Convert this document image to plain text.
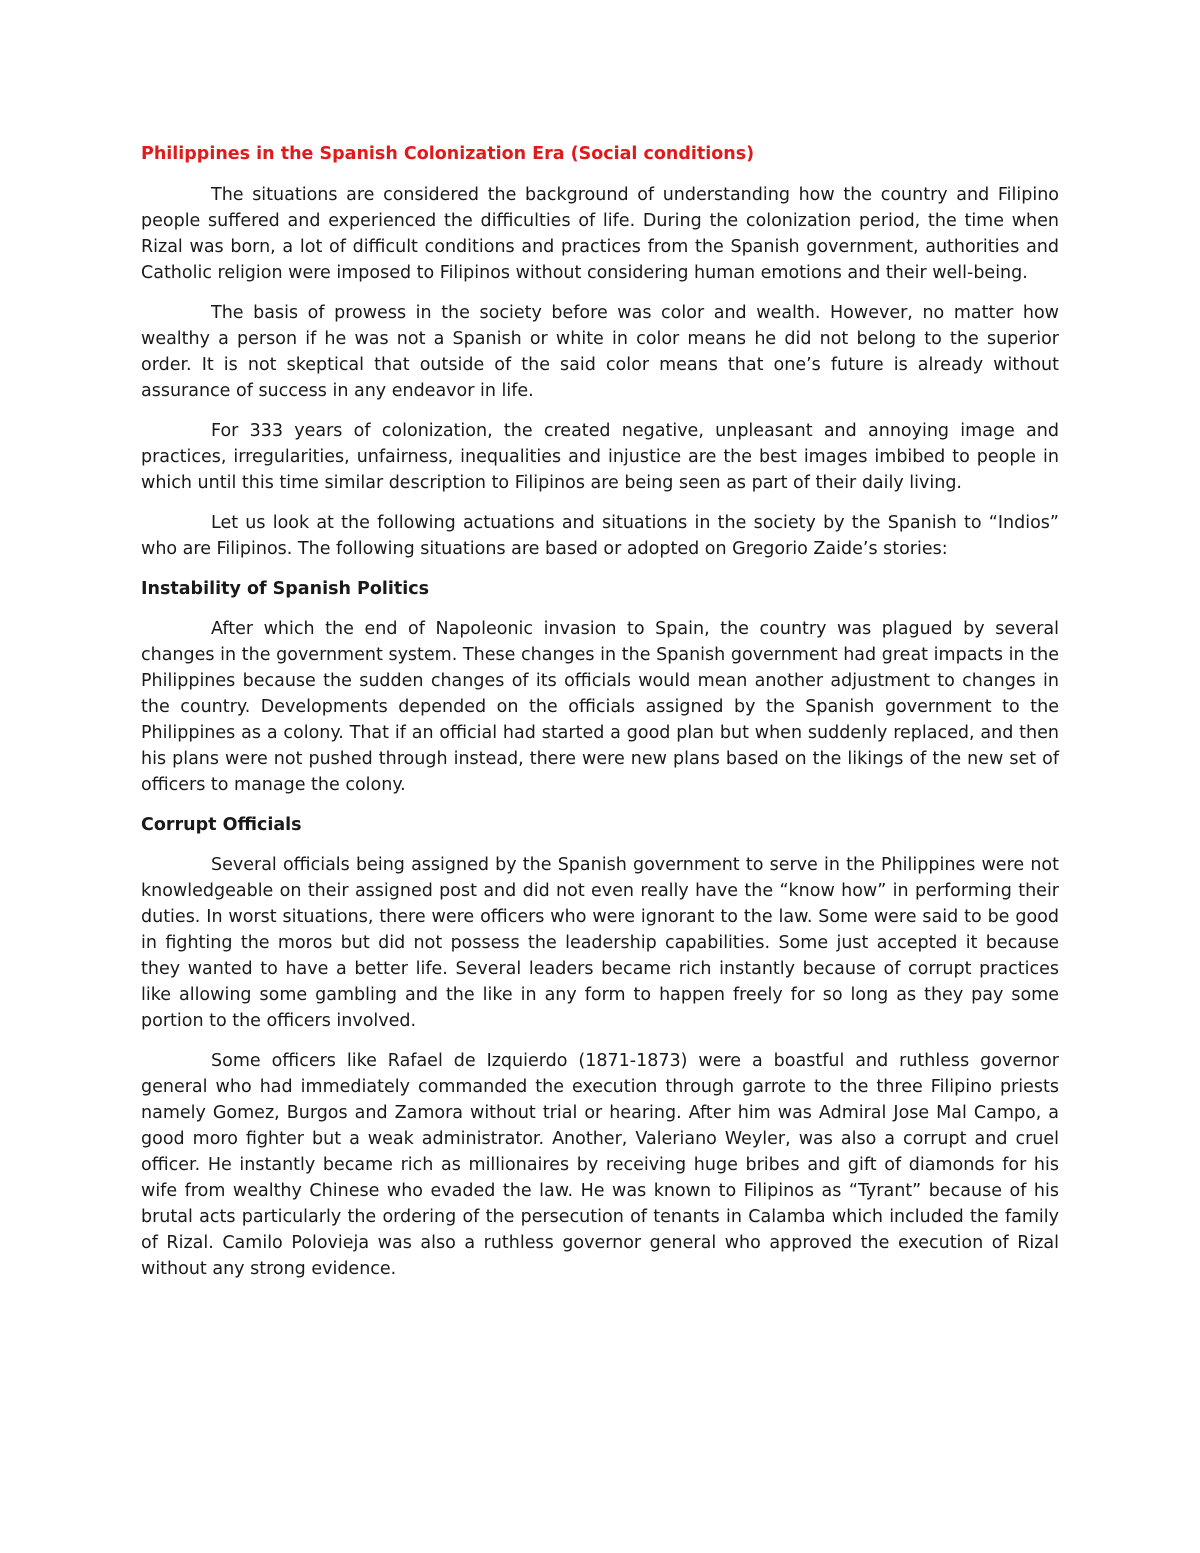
Philippines in the Spanish Colonization Era (Social conditions)

The situations are considered the background of understanding how the country and Filipino people suffered and experienced the difficulties of life. During the colonization period, the time when Rizal was born, a lot of difficult conditions and practices from the Spanish government, authorities and Catholic religion were imposed to Filipinos without considering human emotions and their well-being.

The basis of prowess in the society before was color and wealth. However, no matter how wealthy a person if he was not a Spanish or white in color means he did not belong to the superior order. It is not skeptical that outside of the said color means that one’s future is already without assurance of success in any endeavor in life.

For 333 years of colonization, the created negative, unpleasant and annoying image and practices, irregularities, unfairness, inequalities and injustice are the best images imbibed to people in which until this time similar description to Filipinos are being seen as part of their daily living.

Let us look at the following actuations and situations in the society by the Spanish to “Indios” who are Filipinos. The following situations are based or adopted on Gregorio Zaide’s stories:

Instability of Spanish Politics

After which the end of Napoleonic invasion to Spain, the country was plagued by several changes in the government system. These changes in the Spanish government had great impacts in the Philippines because the sudden changes of its officials would mean another adjustment to changes in the country. Developments depended on the officials assigned by the Spanish government to the Philippines as a colony. That if an official had started a good plan but when suddenly replaced, and then his plans were not pushed through instead, there were new plans based on the likings of the new set of officers to manage the colony.

Corrupt Officials

Several officials being assigned by the Spanish government to serve in the Philippines were not knowledgeable on their assigned post and did not even really have the “know how” in performing their duties. In worst situations, there were officers who were ignorant to the law. Some were said to be good in fighting the moros but did not possess the leadership capabilities. Some just accepted it because they wanted to have a better life. Several leaders became rich instantly because of corrupt practices like allowing some gambling and the like in any form to happen freely for so long as they pay some portion to the officers involved.

Some officers like Rafael de Izquierdo (1871-1873) were a boastful and ruthless governor general who had immediately commanded the execution through garrote to the three Filipino priests namely Gomez, Burgos and Zamora without trial or hearing. After him was Admiral Jose Mal Campo, a good moro fighter but a weak administrator. Another, Valeriano Weyler, was also a corrupt and cruel officer. He instantly became rich as millionaires by receiving huge bribes and gift of diamonds for his wife from wealthy Chinese who evaded the law. He was known to Filipinos as “Tyrant” because of his brutal acts particularly the ordering of the persecution of tenants in Calamba which included the family of Rizal. Camilo Polovieja was also a ruthless governor general who approved the execution of Rizal without any strong evidence.
